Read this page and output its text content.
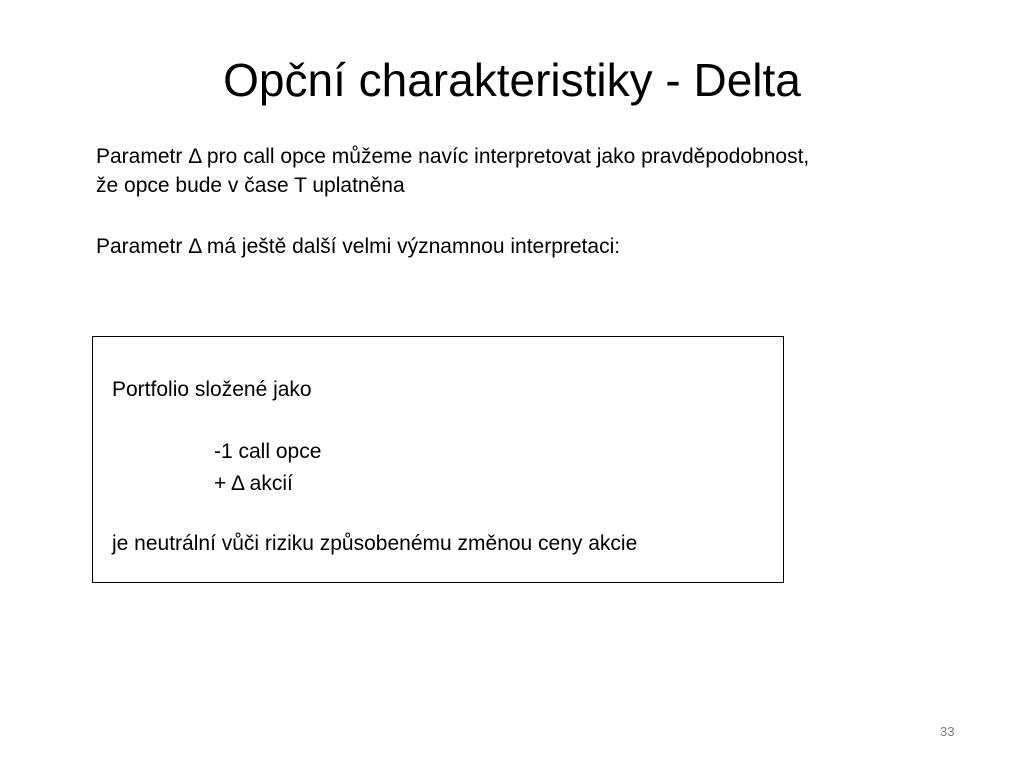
Opční charakteristiky - Delta

Parametr Δ pro call opce můžeme navíc interpretovat jako pravděpodobnost, že opce bude v čase T uplatněna

Parametr Δ má ještě další velmi významnou interpretaci:

Portfolio složené jako
-1 call opce
+ Δ akcií
je neutrální vůči riziku způsobenému změnou ceny akcie
33
